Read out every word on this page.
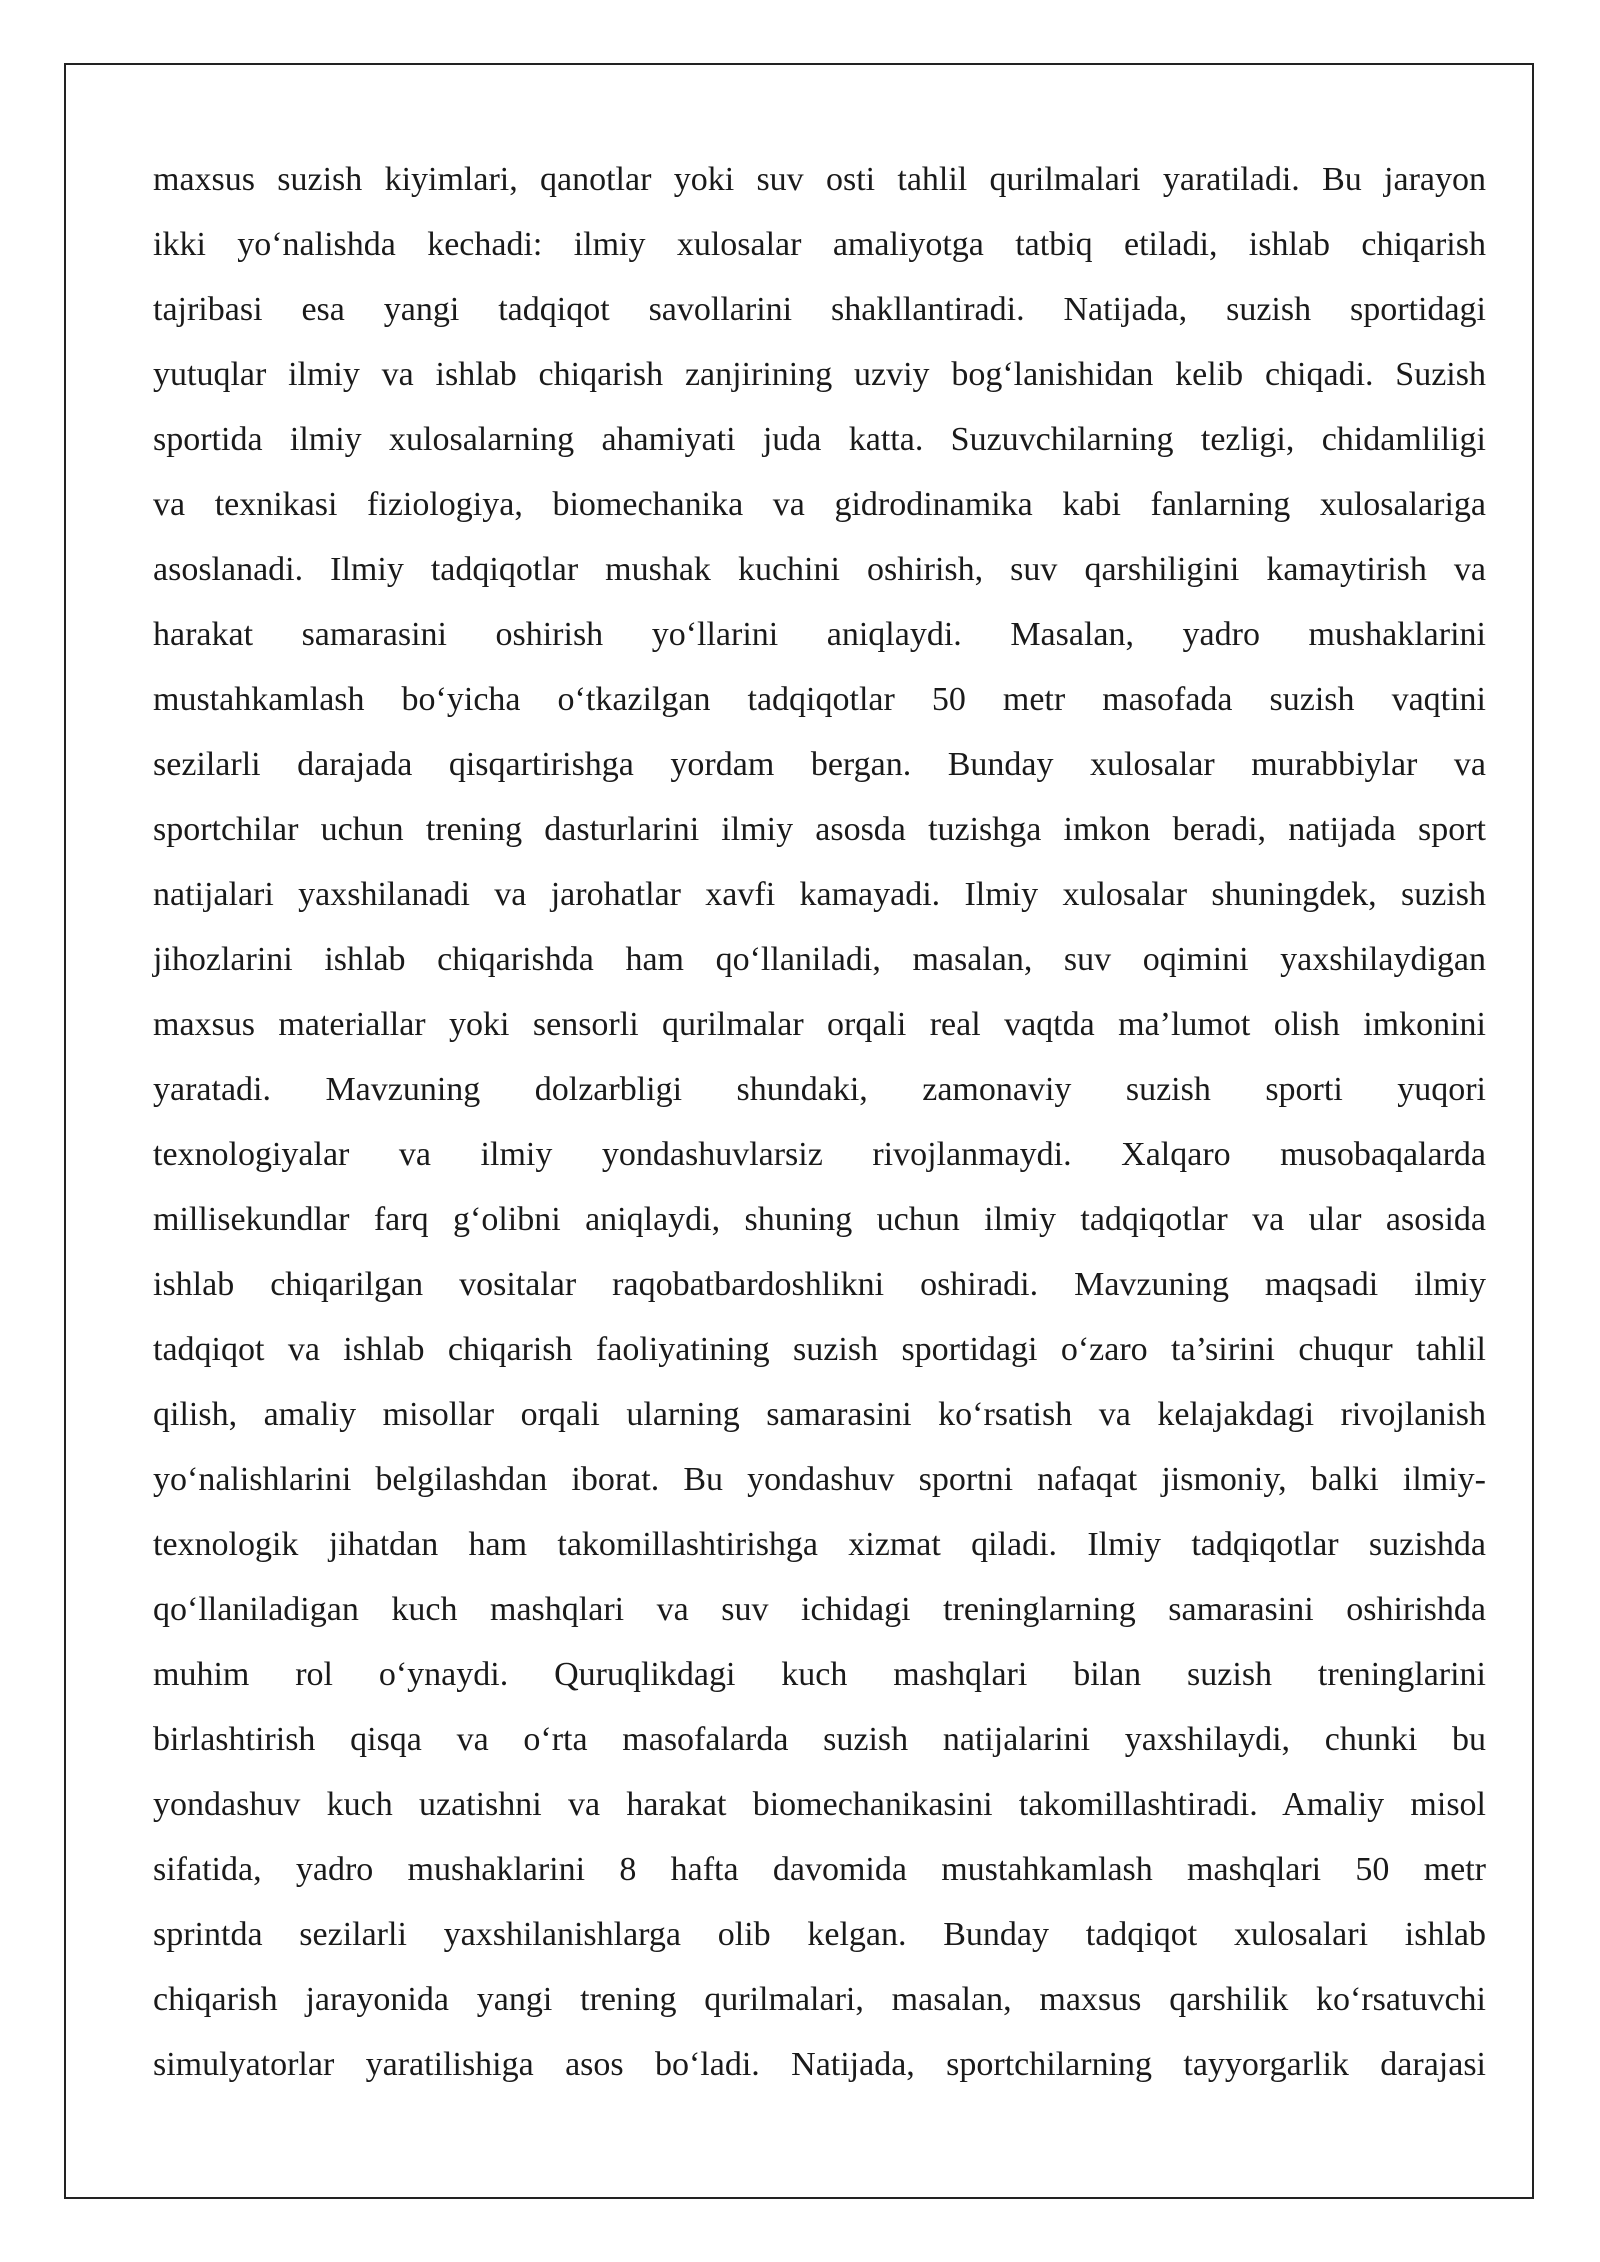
maxsus suzish kiyimlari, qanotlar yoki suv osti tahlil qurilmalari yaratiladi. Bu jarayon
ikki yo‘nalishda kechadi: ilmiy xulosalar amaliyotga tatbiq etiladi, ishlab chiqarish
tajribasi esa yangi tadqiqot savollarini shakllantiradi. Natijada, suzish sportidagi
yutuqlar ilmiy va ishlab chiqarish zanjirining uzviy bog‘lanishidan kelib chiqadi. Suzish
sportida ilmiy xulosalarning ahamiyati juda katta. Suzuvchilarning tezligi, chidamliligi
va texnikasi fiziologiya, biomechanika va gidrodinamika kabi fanlarning xulosalariga
asoslanadi. Ilmiy tadqiqotlar mushak kuchini oshirish, suv qarshiligini kamaytirish va
harakat samarasini oshirish yo‘llarini aniqlaydi. Masalan, yadro mushaklarini
mustahkamlash bo‘yicha o‘tkazilgan tadqiqotlar 50 metr masofada suzish vaqtini
sezilarli darajada qisqartirishga yordam bergan. Bunday xulosalar murabbiylar va
sportchilar uchun trening dasturlarini ilmiy asosda tuzishga imkon beradi, natijada sport
natijalari yaxshilanadi va jarohatlar xavfi kamayadi. Ilmiy xulosalar shuningdek, suzish
jihozlarini ishlab chiqarishda ham qo‘llaniladi, masalan, suv oqimini yaxshilaydigan
maxsus materiallar yoki sensorli qurilmalar orqali real vaqtda ma’lumot olish imkonini
yaratadi. Mavzuning dolzarbligi shundaki, zamonaviy suzish sporti yuqori
texnologiyalar va ilmiy yondashuvlarsiz rivojlanmaydi. Xalqaro musobaqalarda
millisekundlar farq g‘olibni aniqlaydi, shuning uchun ilmiy tadqiqotlar va ular asosida
ishlab chiqarilgan vositalar raqobatbardoshlikni oshiradi. Mavzuning maqsadi ilmiy
tadqiqot va ishlab chiqarish faoliyatining suzish sportidagi o‘zaro ta’sirini chuqur tahlil
qilish, amaliy misollar orqali ularning samarasini ko‘rsatish va kelajakdagi rivojlanish
yo‘nalishlarini belgilashdan iborat. Bu yondashuv sportni nafaqat jismoniy, balki ilmiy-
texnologik jihatdan ham takomillashtirishga xizmat qiladi. Ilmiy tadqiqotlar suzishda
qo‘llaniladigan kuch mashqlari va suv ichidagi treninglarning samarasini oshirishda
muhim rol o‘ynaydi. Quruqlikdagi kuch mashqlari bilan suzish treninglarini
birlashtirish qisqa va o‘rta masofalarda suzish natijalarini yaxshilaydi, chunki bu
yondashuv kuch uzatishni va harakat biomechanikasini takomillashtiradi. Amaliy misol
sifatida, yadro mushaklarini 8 hafta davomida mustahkamlash mashqlari 50 metr
sprintda sezilarli yaxshilanishlarga olib kelgan. Bunday tadqiqot xulosalari ishlab
chiqarish jarayonida yangi trening qurilmalari, masalan, maxsus qarshilik ko‘rsatuvchi
simulyatorlar yaratilishiga asos bo‘ladi. Natijada, sportchilarning tayyorgarlik darajasi
